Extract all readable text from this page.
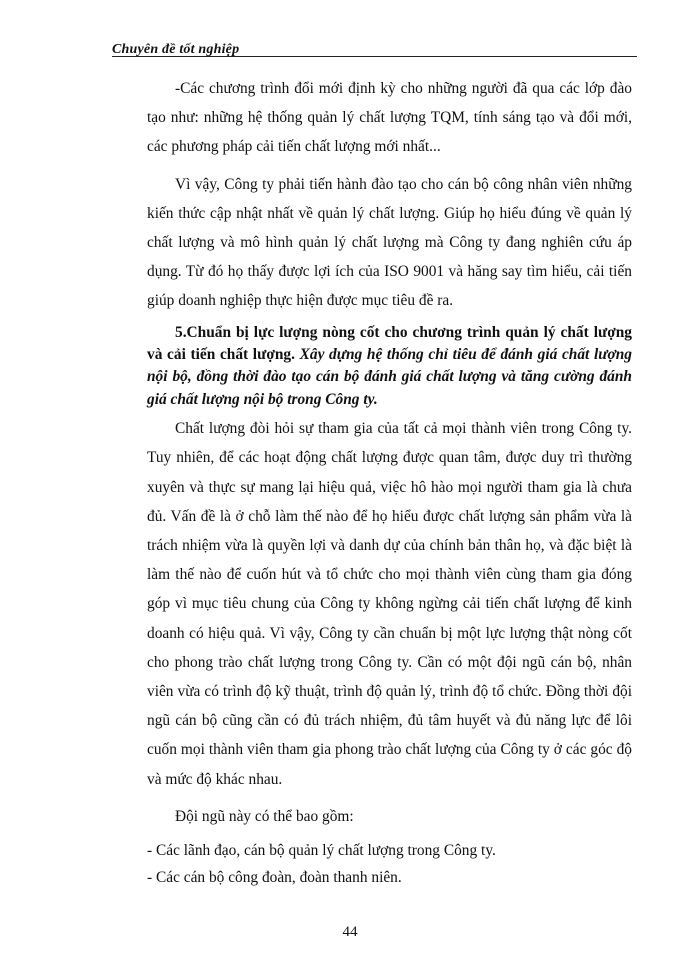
Chuyên đề tốt nghiệp

-Các chương trình đổi mới định kỳ cho những người đã qua các lớp đào tạo như: những hệ thống quản lý chất lượng TQM, tính sáng tạo và đổi mới, các phương pháp cải tiến chất lượng mới nhất...

Vì vậy, Công ty phải tiến hành đào tạo cho cán bộ công nhân viên những kiến thức cập nhật nhất về quản lý chất lượng. Giúp họ hiểu đúng về quản lý chất lượng và mô hình quản lý chất lượng mà Công ty đang nghiên cứu áp dụng. Từ đó họ thấy được lợi ích của ISO 9001 và hăng say tìm hiểu, cải tiến giúp doanh nghiệp thực hiện được mục tiêu đề ra.

5.Chuẩn bị lực lượng nòng cốt cho chương trình quản lý chất lượng và cải tiến chất lượng. Xây dựng hệ thống chỉ tiêu để đánh giá chất lượng nội bộ, đồng thời đào tạo cán bộ đánh giá chất lượng và tăng cường đánh giá chất lượng nội bộ trong Công ty.

Chất lượng đòi hỏi sự tham gia của tất cả mọi thành viên trong Công ty. Tuy nhiên, để các hoạt động chất lượng được quan tâm, được duy trì thường xuyên và thực sự mang lại hiệu quả, việc hô hào mọi người tham gia là chưa đủ. Vấn đề là ở chỗ làm thế nào để họ hiểu được chất lượng sản phẩm vừa là trách nhiệm vừa là quyền lợi và danh dự của chính bản thân họ, và đặc biệt là làm thế nào để cuốn hút và tổ chức cho mọi thành viên cùng tham gia đóng góp vì mục tiêu chung của Công ty không ngừng cải tiến chất lượng để kinh doanh có hiệu quả. Vì vậy, Công ty cần chuẩn bị một lực lượng thật nòng cốt cho phong trào chất lượng trong Công ty. Cần có một đội ngũ cán bộ, nhân viên vừa có trình độ kỹ thuật, trình độ quản lý, trình độ tổ chức. Đồng thời đội ngũ cán bộ cũng cần có đủ trách nhiệm, đủ tâm huyết và đủ năng lực để lôi cuốn mọi thành viên tham gia phong trào chất lượng của Công ty ở các góc độ và mức độ khác nhau.

Đội ngũ này có thể bao gồm:

- Các lãnh đạo, cán bộ quản lý chất lượng trong Công ty.

- Các cán bộ công đoàn, đoàn thanh niên.

44
